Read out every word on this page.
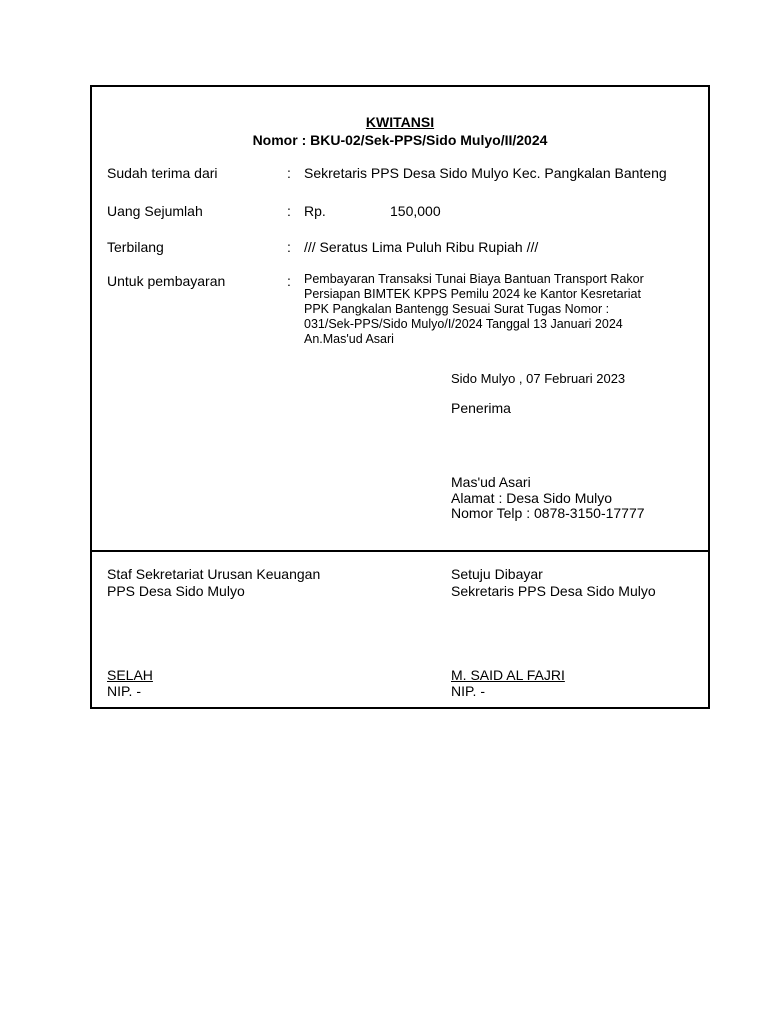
KWITANSI
Nomor : BKU-02/Sek-PPS/Sido Mulyo/II/2024
Sudah terima dari	: Sekretaris PPS Desa Sido Mulyo Kec. Pangkalan Banteng
Uang Sejumlah	: Rp.	150,000
Terbilang	: /// Seratus Lima Puluh Ribu Rupiah ///
Untuk pembayaran	: Pembayaran Transaksi Tunai Biaya Bantuan Transport Rakor
Persiapan BIMTEK KPPS Pemilu 2024 ke Kantor Kesretariat
PPK Pangkalan Bantengg Sesuai Surat Tugas Nomor :
031/Sek-PPS/Sido Mulyo/I/2024 Tanggal 13 Januari 2024
An.Mas'ud Asari
Sido Mulyo , 07 Februari 2023
Penerima
Mas'ud Asari
Alamat : Desa Sido Mulyo
Nomor Telp : 0878-3150-17777
Staf Sekretariat Urusan Keuangan
PPS Desa Sido Mulyo
SELAH
NIP. -
Setuju Dibayar
Sekretaris PPS Desa Sido Mulyo
M. SAID AL FAJRI
NIP. -
